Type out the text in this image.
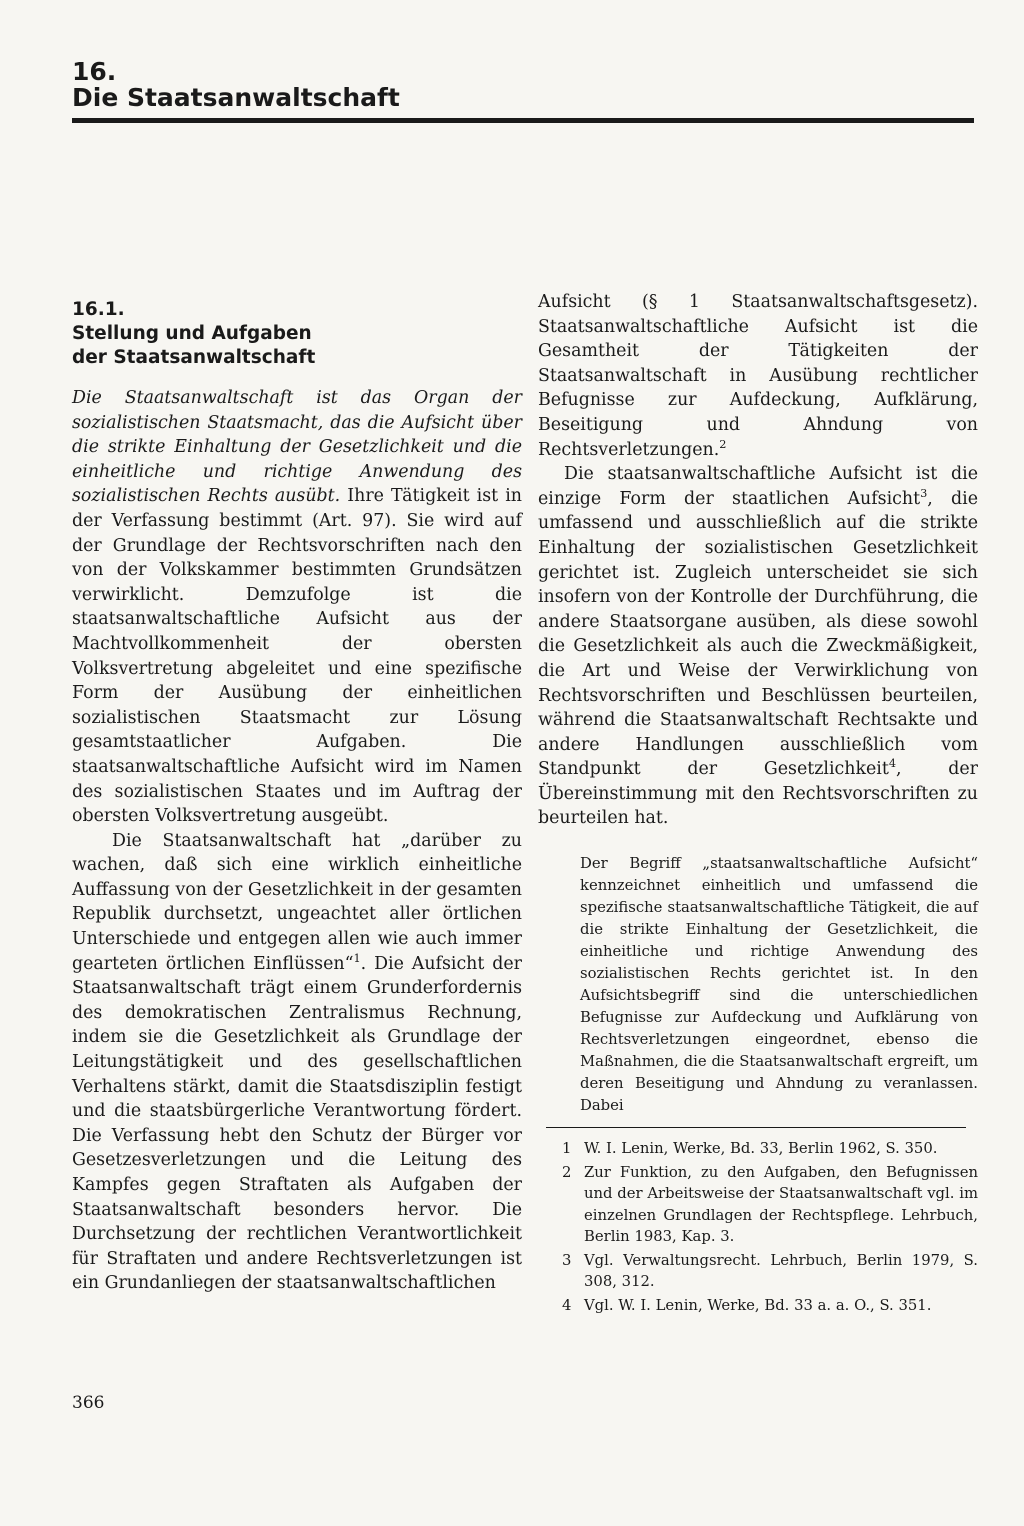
16.
Die Staatsanwaltschaft
16.1.
Stellung und Aufgaben
der Staatsanwaltschaft

Die Staatsanwaltschaft ist das Organ der sozialistischen Staatsmacht, das die Aufsicht über die strikte Einhaltung der Gesetzlichkeit und die einheitliche und richtige Anwendung des sozialistischen Rechts ausübt. Ihre Tätigkeit ist in der Verfassung bestimmt (Art. 97). Sie wird auf der Grundlage der Rechtsvorschriften nach den von der Volkskammer bestimmten Grundsätzen verwirklicht. Demzufolge ist die staatsanwaltschaftliche Aufsicht aus der Machtvollkommenheit der obersten Volksvertretung abgeleitet und eine spezifische Form der Ausübung der einheitlichen sozialistischen Staatsmacht zur Lösung gesamtstaatlicher Aufgaben. Die staatsanwaltschaftliche Aufsicht wird im Namen des sozialistischen Staates und im Auftrag der obersten Volksvertretung ausgeübt.

Die Staatsanwaltschaft hat „darüber zu wachen, daß sich eine wirklich einheitliche Auffassung von der Gesetzlichkeit in der gesamten Republik durchsetzt, ungeachtet aller örtlichen Unterschiede und entgegen allen wie auch immer gearteten örtlichen Einflüssen“$^1$. Die Aufsicht der Staatsanwaltschaft trägt einem Grunderfordernis des demokratischen Zentralismus Rechnung, indem sie die Gesetzlichkeit als Grundlage der Leitungstätigkeit und des gesellschaftlichen Verhaltens stärkt, damit die Staatsdisziplin festigt und die staatsbürgerliche Verantwortung fördert. Die Verfassung hebt den Schutz der Bürger vor Gesetzesverletzungen und die Leitung des Kampfes gegen Straftaten als Aufgaben der Staatsanwaltschaft besonders hervor. Die Durchsetzung der rechtlichen Verantwortlichkeit für Straftaten und andere Rechtsverletzungen ist ein Grundanliegen der staatsanwaltschaftlichen

Aufsicht (§ 1 Staatsanwaltschaftsgesetz). Staatsanwaltschaftliche Aufsicht ist die Gesamtheit der Tätigkeiten der Staatsanwaltschaft in Ausübung rechtlicher Befugnisse zur Aufdeckung, Aufklärung, Beseitigung und Ahndung von Rechtsverletzungen.$^2$

Die staatsanwaltschaftliche Aufsicht ist die einzige Form der staatlichen Aufsicht$^3$, die umfassend und ausschließlich auf die strikte Einhaltung der sozialistischen Gesetzlichkeit gerichtet ist. Zugleich unterscheidet sie sich insofern von der Kontrolle der Durchführung, die andere Staatsorgane ausüben, als diese sowohl die Gesetzlichkeit als auch die Zweckmäßigkeit, die Art und Weise der Verwirklichung von Rechtsvorschriften und Beschlüssen beurteilen, während die Staatsanwaltschaft Rechtsakte und andere Handlungen ausschließlich vom Standpunkt der Gesetzlichkeit$^4$, der Übereinstimmung mit den Rechtsvorschriften zu beurteilen hat.

Der Begriff „staatsanwaltschaftliche Aufsicht“ kennzeichnet einheitlich und umfassend die spezifische staatsanwaltschaftliche Tätigkeit, die auf die strikte Einhaltung der Gesetzlichkeit, die einheitliche und richtige Anwendung des sozialistischen Rechts gerichtet ist. In den Aufsichtsbegriff sind die unterschiedlichen Befugnisse zur Aufdeckung und Aufklärung von Rechtsverletzungen eingeordnet, ebenso die Maßnahmen, die die Staatsanwaltschaft ergreift, um deren Beseitigung und Ahndung zu veranlassen. Dabei
1 W. I. Lenin, Werke, Bd. 33, Berlin 1962, S. 350.
2 Zur Funktion, zu den Aufgaben, den Befugnissen und der Arbeitsweise der Staatsanwaltschaft vgl. im einzelnen Grundlagen der Rechtspflege. Lehrbuch, Berlin 1983, Kap. 3.
3 Vgl. Verwaltungsrecht. Lehrbuch, Berlin 1979, S. 308, 312.
4 Vgl. W. I. Lenin, Werke, Bd. 33 a. a. O., S. 351.
366
